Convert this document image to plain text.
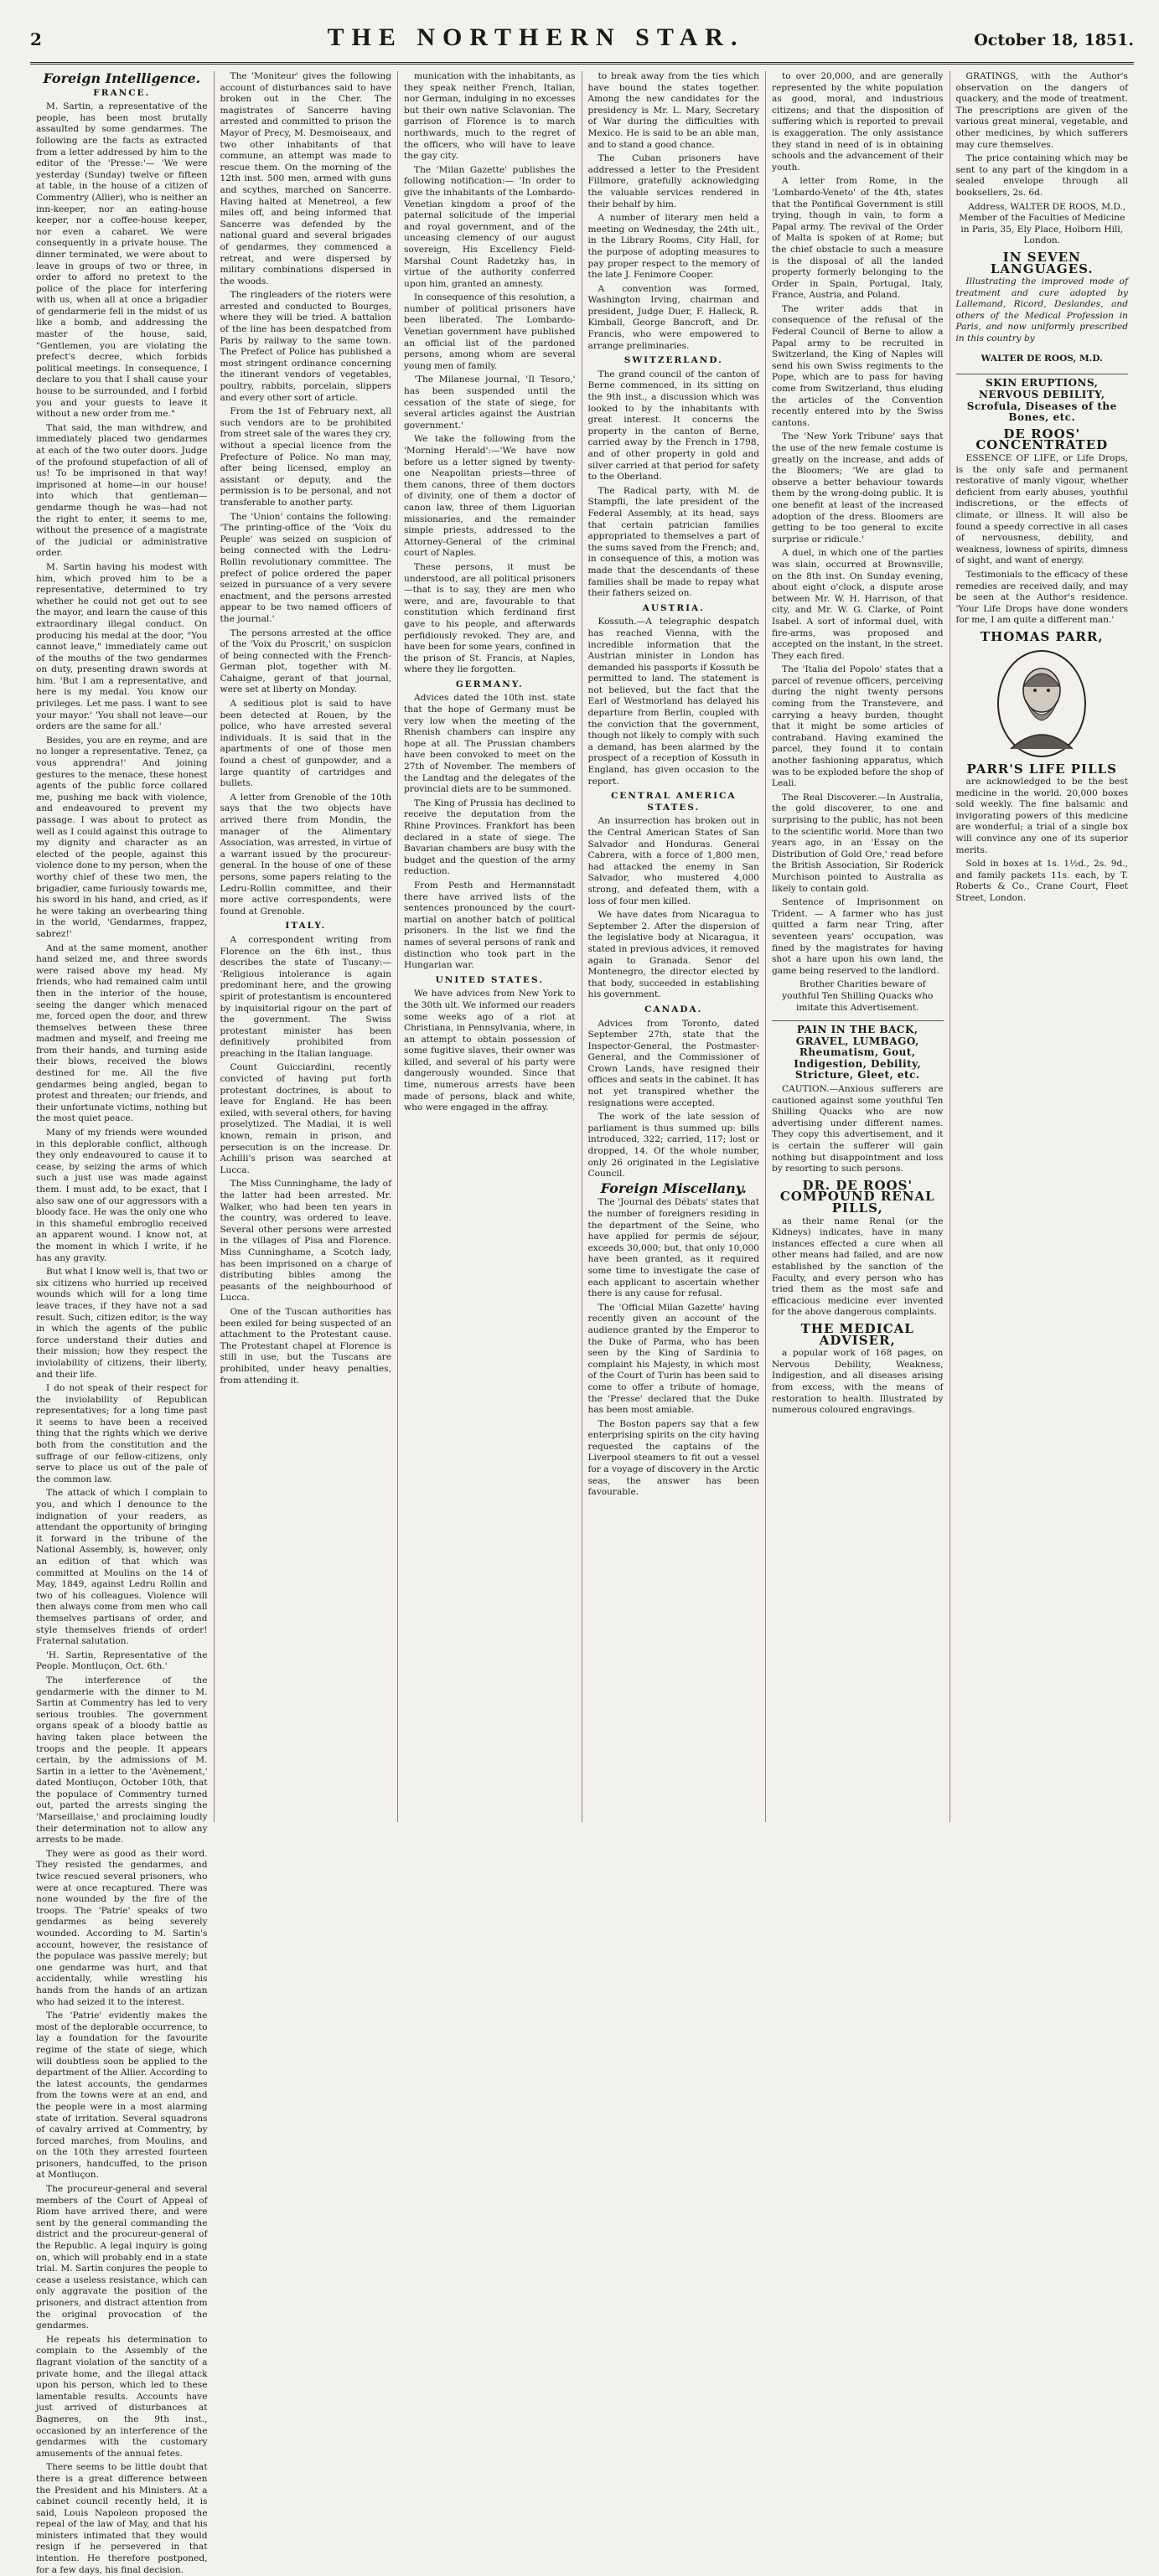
2	THE NORTHERN STAR.	October 18, 1851.
Foreign Intelligence.
FRANCE.

M. Sartin, a representative of the people, has been most brutally assaulted by some gendarmes. The following are the facts as extracted from a letter addressed by him to the editor of the 'Presse:'— 'We were yesterday (Sunday) twelve or fifteen at table, in the house of a citizen of Commentry (Allier), who is neither an inn-keeper, nor an eating-house keeper, nor a coffee-house keeper, nor even a cabaret. We were consequently in a private house. The dinner terminated, we were about to leave in groups of two or three, in order to afford no pretext to the police of the place for interfering with us, when all at once a brigadier of gendarmerie fell in the midst of us like a bomb, and addressing the master of the house, said, "Gentlemen, you are violating the prefect's decree, which forbids political meetings. In consequence, I declare to you that I shall cause your house to be surrounded, and I forbid you and your guests to leave it without a new order from me."

That said, the man withdrew, and immediately placed two gendarmes at each of the two outer doors. Judge of the profound stupefaction of all of us! To be imprisoned in that way! imprisoned at home—in our house! into which that gentleman—gendarme though he was—had not the right to enter, it seems to me, without the presence of a magistrate of the judicial or administrative order.

M. Sartin having his modest with him, which proved him to be a representative, determined to try whether he could not get out to see the mayor, and learn the cause of this extraordinary illegal conduct. On producing his medal at the door, "You cannot leave," immediately came out of the mouths of the two gendarmes on duty, presenting drawn swords at him. 'But I am a representative, and here is my medal. You know our privileges. Let me pass. I want to see your mayor.' 'You shall not leave—our orders are the same for all.'

Besides, you are en reyme, and are no longer a representative. Tenez, ça vous apprendra!' And joining gestures to the menace, these honest agents of the public force collared me, pushing me back with violence, and endeavoured to prevent my passage. I was about to protect as well as I could against this outrage to my dignity and character as an elected of the people, against this violence done to my person, when the worthy chief of these two men, the brigadier, came furiously towards me, his sword in his hand, and cried, as if he were taking an overbearing thing in the world, 'Gendarmes, frappez, sabrez!'

And at the same moment, another hand seized me, and three swords were raised above my head. My friends, who had remained calm until then in the interior of the house, seeing the danger which menaced me, forced open the door, and threw themselves between these three madmen and myself, and freeing me from their hands, and turning aside their blows, received the blows destined for me. All the five gendarmes being angled, began to protest and threaten; our friends, and their unfortunate victims, nothing but the most quiet peace.

Many of my friends were wounded in this deplorable conflict, although they only endeavoured to cause it to cease, by seizing the arms of which such a just use was made against them. I must add, to be exact, that I also saw one of our aggressors with a bloody face. He was the only one who in this shameful embroglio received an apparent wound. I know not, at the moment in which I write, if he has any gravity.

But what I know well is, that two or six citizens who hurried up received wounds which will for a long time leave traces, if they have not a sad result. Such, citizen editor, is the way in which the agents of the public force understand their duties and their mission; how they respect the inviolability of citizens, their liberty, and their life.

I do not speak of their respect for the inviolability of Republican representatives; for a long time past it seems to have been a received thing that the rights which we derive both from the constitution and the suffrage of our fellow-citizens, only serve to place us out of the pale of the common law.

The attack of which I complain to you, and which I denounce to the indignation of your readers, as attendant the opportunity of bringing it forward in the tribune of the National Assembly, is, however, only an edition of that which was committed at Moulins on the 14 of May, 1849, against Ledru Rollin and two of his colleagues. Violence will then always come from men who call themselves partisans of order, and style themselves friends of order! Fraternal salutation.

'H. Sartin, Representative of the People. Montluçon, Oct. 6th.'

The interference of the gendarmerie with the dinner to M. Sartin at Commentry has led to very serious troubles. The government organs speak of a bloody battle as having taken place between the troops and the people. It appears certain, by the admissions of M. Sartin in a letter to the 'Avènement,' dated Montluçon, October 10th, that the populace of Commentry turned out, parted the arrests singing the 'Marseillaise,' and proclaiming loudly their determination not to allow any arrests to be made.

They were as good as their word. They resisted the gendarmes, and twice rescued several prisoners, who were at once recaptured. There was none wounded by the fire of the troops. The 'Patrie' speaks of two gendarmes as being severely wounded. According to M. Sartin's account, however, the resistance of the populace was passive merely; but one gendarme was hurt, and that accidentally, while wrestling his hands from the hands of an artizan who had seized it to the interest.

The 'Patrie' evidently makes the most of the deplorable occurrence, to lay a foundation for the favourite regime of the state of siege, which will doubtless soon be applied to the department of the Allier. According to the latest accounts, the gendarmes from the towns were at an end, and the people were in a most alarming state of irritation. Several squadrons of cavalry arrived at Commentry, by forced marches, from Moulins, and on the 10th they arrested fourteen prisoners, handcuffed, to the prison at Montluçon.

The procureur-general and several members of the Court of Appeal of Riom have arrived there, and were sent by the general commanding the district and the procureur-general of the Republic. A legal inquiry is going on, which will probably end in a state trial. M. Sartin conjures the people to cease a useless resistance, which can only aggravate the position of the prisoners, and distract attention from the original provocation of the gendarmes.

He repeats his determination to complain to the Assembly of the flagrant violation of the sanctity of a private home, and the illegal attack upon his person, which led to these lamentable results. Accounts have just arrived of disturbances at Bagneres, on the 9th inst., occasioned by an interference of the gendarmes with the customary amusements of the annual fetes.

There seems to be little doubt that there is a great difference between the President and his Ministers. At a cabinet council recently held, it is said, Louis Napoleon proposed the repeal of the law of May, and that his ministers intimated that they would resign if he persevered in that intention. He therefore postponed, for a few days, his final decision.

The 'Moniteur' gives the following account of disturbances said to have broken out in the Cher. The magistrates of Sancerre having arrested and committed to prison the Mayor of Precy, M. Desmoiseaux, and two other inhabitants of that commune, an attempt was made to rescue them. On the morning of the 12th inst. 500 men, armed with guns and scythes, marched on Sancerre. Having halted at Menetreol, a few miles off, and being informed that Sancerre was defended by the national guard and several brigades of gendarmes, they commenced a retreat, and were dispersed by military combinations dispersed in the woods.

The ringleaders of the rioters were arrested and conducted to Bourges, where they will be tried. A battalion of the line has been despatched from Paris by railway to the same town. The Prefect of Police has published a most stringent ordinance concerning the itinerant vendors of vegetables, poultry, rabbits, porcelain, slippers and every other sort of article.

From the 1st of February next, all such vendors are to be prohibited from street sale of the wares they cry, without a special licence from the Prefecture of Police. No man may, after being licensed, employ an assistant or deputy, and the permission is to be personal, and not transferable to another party.

The 'Union' contains the following: 'The printing-office of the 'Voix du Peuple' was seized on suspicion of being connected with the Ledru-Rollin revolutionary committee. The prefect of police ordered the paper seized in pursuance of a very severe enactment, and the persons arrested appear to be two named officers of the journal.'

The persons arrested at the office of the 'Voix du Proscrit,' on suspicion of being connected with the French-German plot, together with M. Cahaigne, gerant of that journal, were set at liberty on Monday.

A seditious plot is said to have been detected at Rouen, by the police, who have arrested several individuals. It is said that in the apartments of one of those men found a chest of gunpowder, and a large quantity of cartridges and bullets.

A letter from Grenoble of the 10th says that the two objects have arrived there from Mondin, the manager of the Alimentary Association, was arrested, in virtue of a warrant issued by the procureur-general. In the house of one of these persons, some papers relating to the Ledru-Rollin committee, and their more active correspondents, were found at Grenoble.

ITALY.

A correspondent writing from Florence on the 6th inst., thus describes the state of Tuscany:— 'Religious intolerance is again predominant here, and the growing spirit of protestantism is encountered by inquisitorial rigour on the part of the government. The Swiss protestant minister has been definitively prohibited from preaching in the Italian language.

Count Guicciardini, recently convicted of having put forth protestant doctrines, is about to leave for England. He has been exiled, with several others, for having proselytized. The Madiai, it is well known, remain in prison, and persecution is on the increase. Dr. Achilli's prison was searched at Lucca.

The Miss Cunninghame, the lady of the latter had been arrested. Mr. Walker, who had been ten years in the country, was ordered to leave. Several other persons were arrested in the villages of Pisa and Florence. Miss Cunninghame, a Scotch lady, has been imprisoned on a charge of distributing bibles among the peasants of the neighbourhood of Lucca.

One of the Tuscan authorities has been exiled for being suspected of an attachment to the Protestant cause. The Protestant chapel at Florence is still in use, but the Tuscans are prohibited, under heavy penalties, from attending it.

munication with the inhabitants, as they speak neither French, Italian, nor German, indulging in no excesses but their own native Sclavonian. The garrison of Florence is to march northwards, much to the regret of the officers, who will have to leave the gay city.

The 'Milan Gazette' publishes the following notification:— 'In order to give the inhabitants of the Lombardo-Venetian kingdom a proof of the paternal solicitude of the imperial and royal government, and of the unceasing clemency of our august sovereign, His Excellency Field-Marshal Count Radetzky has, in virtue of the authority conferred upon him, granted an amnesty.

In consequence of this resolution, a number of political prisoners have been liberated. The Lombardo-Venetian government have published an official list of the pardoned persons, among whom are several young men of family.

'The Milanese journal, 'Il Tesoro,' has been suspended until the cessation of the state of siege, for several articles against the Austrian government.'

We take the following from the 'Morning Herald':—'We have now before us a letter signed by twenty-one Neapolitan priests—three of them canons, three of them doctors of divinity, one of them a doctor of canon law, three of them Liguorian missionaries, and the remainder simple priests, addressed to the Attorney-General of the criminal court of Naples.

These persons, it must be understood, are all political prisoners—that is to say, they are men who were, and are, favourable to that constitution which ferdinand first gave to his people, and afterwards perfidiously revoked. They are, and have been for some years, confined in the prison of St. Francis, at Naples, where they lie forgotten.

GERMANY.

Advices dated the 10th inst. state that the hope of Germany must be very low when the meeting of the Rhenish chambers can inspire any hope at all. The Prussian chambers have been convoked to meet on the 27th of November. The members of the Landtag and the delegates of the provincial diets are to be summoned.

The King of Prussia has declined to receive the deputation from the Rhine Provinces. Frankfort has been declared in a state of siege. The Bavarian chambers are busy with the budget and the question of the army reduction.

From Pesth and Hermannstadt there have arrived lists of the sentences pronounced by the court-martial on another batch of political prisoners. In the list we find the names of several persons of rank and distinction who took part in the Hungarian war.

UNITED STATES.

We have advices from New York to the 30th ult. We informed our readers some weeks ago of a riot at Christiana, in Pennsylvania, where, in an attempt to obtain possession of some fugitive slaves, their owner was killed, and several of his party were dangerously wounded. Since that time, numerous arrests have been made of persons, black and white, who were engaged in the affray.

to break away from the ties which have bound the states together. Among the new candidates for the presidency is Mr. L. Mary, Secretary of War during the difficulties with Mexico. He is said to be an able man, and to stand a good chance.

The Cuban prisoners have addressed a letter to the President Fillmore, gratefully acknowledging the valuable services rendered in their behalf by him.

A number of literary men held a meeting on Wednesday, the 24th ult., in the Library Rooms, City Hall, for the purpose of adopting measures to pay proper respect to the memory of the late J. Fenimore Cooper.

A convention was formed, Washington Irving, chairman and president, Judge Duer, F. Halleck, R. Kimball, George Bancroft, and Dr. Francis, who were empowered to arrange preliminaries.

SWITZERLAND.

The grand council of the canton of Berne commenced, in its sitting on the 9th inst., a discussion which was looked to by the inhabitants with great interest. It concerns the property in the canton of Berne, carried away by the French in 1798, and of other property in gold and silver carried at that period for safety to the Oberland.

The Radical party, with M. de Stampfli, the late president of the Federal Assembly, at its head, says that certain patrician families appropriated to themselves a part of the sums saved from the French; and, in consequence of this, a motion was made that the descendants of these families shall be made to repay what their fathers seized on.

AUSTRIA.

Kossuth.—A telegraphic despatch has reached Vienna, with the incredible information that the Austrian minister in London has demanded his passports if Kossuth be permitted to land. The statement is not believed, but the fact that the Earl of Westmorland has delayed his departure from Berlin, coupled with the conviction that the government, though not likely to comply with such a demand, has been alarmed by the prospect of a reception of Kossuth in England, has given occasion to the report.

CENTRAL AMERICA STATES.

An insurrection has broken out in the Central American States of San Salvador and Honduras. General Cabrera, with a force of 1,800 men, had attacked the enemy in San Salvador, who mustered 4,000 strong, and defeated them, with a loss of four men killed.

We have dates from Nicaragua to September 2. After the dispersion of the legislative body at Nicaragua, it stated in previous advices, it removed again to Granada. Senor del Montenegro, the director elected by that body, succeeded in establishing his government.

CANADA.

Advices from Toronto, dated September 27th, state that the Inspector-General, the Postmaster-General, and the Commissioner of Crown Lands, have resigned their offices and seats in the cabinet. It has not yet transpired whether the resignations were accepted.

The work of the late session of parliament is thus summed up: bills introduced, 322; carried, 117; lost or dropped, 14. Of the whole number, only 26 originated in the Legislative Council.

Foreign Miscellany.

The 'Journal des Débats' states that the number of foreigners residing in the department of the Seine, who have applied for permis de séjour, exceeds 30,000; but, that only 10,000 have been granted, as it required some time to investigate the case of each applicant to ascertain whether there is any cause for refusal.

The 'Official Milan Gazette' having recently given an account of the audience granted by the Emperor to the Duke of Parma, who has been seen by the King of Sardinia to complaint his Majesty, in which most of the Court of Turin has been said to come to offer a tribute of homage, the 'Presse' declared that the Duke has been most amiable.

The Boston papers say that a few enterprising spirits on the city having requested the captains of the Liverpool steamers to fit out a vessel for a voyage of discovery in the Arctic seas, the answer has been favourable.

to over 20,000, and are generally represented by the white population as good, moral, and industrious citizens; and that the disposition of suffering which is reported to prevail is exaggeration. The only assistance they stand in need of is in obtaining schools and the advancement of their youth.

A letter from Rome, in the 'Lombardo-Veneto' of the 4th, states that the Pontifical Government is still trying, though in vain, to form a Papal army. The revival of the Order of Malta is spoken of at Rome; but the chief obstacle to such a measure is the disposal of all the landed property formerly belonging to the Order in Spain, Portugal, Italy, France, Austria, and Poland.

The writer adds that in consequence of the refusal of the Federal Council of Berne to allow a Papal army to be recruited in Switzerland, the King of Naples will send his own Swiss regiments to the Pope, which are to pass for having come from Switzerland, thus eluding the articles of the Convention recently entered into by the Swiss cantons.

The 'New York Tribune' says that the use of the new female costume is greatly on the increase, and adds of the Bloomers; 'We are glad to observe a better behaviour towards them by the wrong-doing public. It is one benefit at least of the increased adoption of the dress. Bloomers are getting to be too general to excite surprise or ridicule.'

A duel, in which one of the parties was slain, occurred at Brownsville, on the 8th inst. On Sunday evening, about eight o'clock, a dispute arose between Mr. W. H. Harrison, of that city, and Mr. W. G. Clarke, of Point Isabel. A sort of informal duel, with fire-arms, was proposed and accepted on the instant, in the street. They each fired.

The 'Italia del Popolo' states that a parcel of revenue officers, perceiving during the night twenty persons coming from the Transtevere, and carrying a heavy burden, thought that it might be some articles of contraband. Having examined the parcel, they found it to contain another fashioning apparatus, which was to be exploded before the shop of Leali.

The Real Discoverer.—In Australia, the gold discoverer, to one and surprising to the public, has not been to the scientific world. More than two years ago, in an 'Essay on the Distribution of Gold Ore,' read before the British Association, Sir Roderick Murchison pointed to Australia as likely to contain gold.

Sentence of Imprisonment on Trident. — A farmer who has just quitted a farm near Tring, after seventeen years' occupation, was fined by the magistrates for having shot a hare upon his own land, the game being reserved to the landlord.

Brother Charities beware of youthful Ten Shilling Quacks who imitate this Advertisement.

PAIN IN THE BACK, GRAVEL, LUMBAGO, Rheumatism, Gout, Indigestion, Debility, Stricture, Gleet, etc.

CAUTION.—Anxious sufferers are cautioned against some youthful Ten Shilling Quacks who are now advertising under different names. They copy this advertisement, and it is certain the sufferer will gain nothing but disappointment and loss by resorting to such persons.

DR. DE ROOS' COMPOUND RENAL PILLS,

as their name Renal (or the Kidneys) indicates, have in many instances effected a cure when all other means had failed, and are now established by the sanction of the Faculty, and every person who has tried them as the most safe and efficacious medicine ever invented for the above dangerous complaints.

THE MEDICAL ADVISER,

a popular work of 168 pages, on Nervous Debility, Weakness, Indigestion, and all diseases arising from excess, with the means of restoration to health. Illustrated by numerous coloured engravings.

GRATINGS, with the Author's observation on the dangers of quackery, and the mode of treatment. The prescriptions are given of the various great mineral, vegetable, and other medicines, by which sufferers may cure themselves.

The price containing which may be sent to any part of the kingdom in a sealed envelope through all booksellers, 2s. 6d.

Address, WALTER DE ROOS, M.D., Member of the Faculties of Medicine in Paris, 35, Ely Place, Holborn Hill, London.

IN SEVEN LANGUAGES.

Illustrating the improved mode of treatment and cure adopted by Lallemand, Ricord, Deslandes, and others of the Medical Profession in Paris, and now uniformly prescribed in this country by

WALTER DE ROOS, M.D.

SKIN ERUPTIONS, NERVOUS DEBILITY, Scrofula, Diseases of the Bones, etc.
DE ROOS' CONCENTRATED

ESSENCE OF LIFE, or Life Drops, is the only safe and permanent restorative of manly vigour, whether deficient from early abuses, youthful indiscretions, or the effects of climate, or illness. It will also be found a speedy corrective in all cases of nervousness, debility, and weakness, lowness of spirits, dimness of sight, and want of energy.

Testimonials to the efficacy of these remedies are received daily, and may be seen at the Author's residence. 'Your Life Drops have done wonders for me, I am quite a different man.'

THOMAS PARR,
PARR'S LIFE PILLS

are acknowledged to be the best medicine in the world. 20,000 boxes sold weekly. The fine balsamic and invigorating powers of this medicine are wonderful; a trial of a single box will convince any one of its superior merits.

Sold in boxes at 1s. 1½d., 2s. 9d., and family packets 11s. each, by T. Roberts & Co., Crane Court, Fleet Street, London.
